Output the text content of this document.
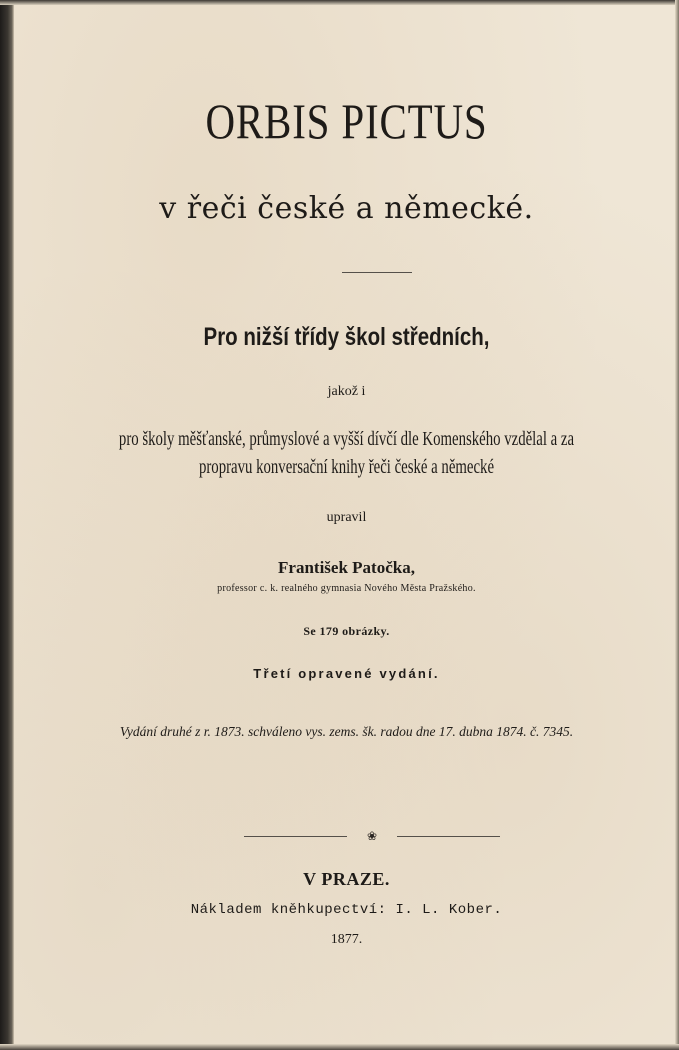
ORBIS PICTUS
v řeči české a německé.
Pro nižší třídy škol středních,
jakož i
pro školy měšťanské, průmyslové a vyšší dívčí dle Komenského vzdělal a za
propravu konversační knihy řeči české a německé
upravil
František Patočka,
professor c. k. realného gymnasia Nového Města Pražského.
Se 179 obrázky.
Třetí opravené vydání.
Vydání druhé z r. 1873. schváleno vys. zems. šk. radou dne 17. dubna 1874. č. 7345.
❀
V PRAZE.
Nákladem kněhkupectví: I. L. Kober.
1877.
